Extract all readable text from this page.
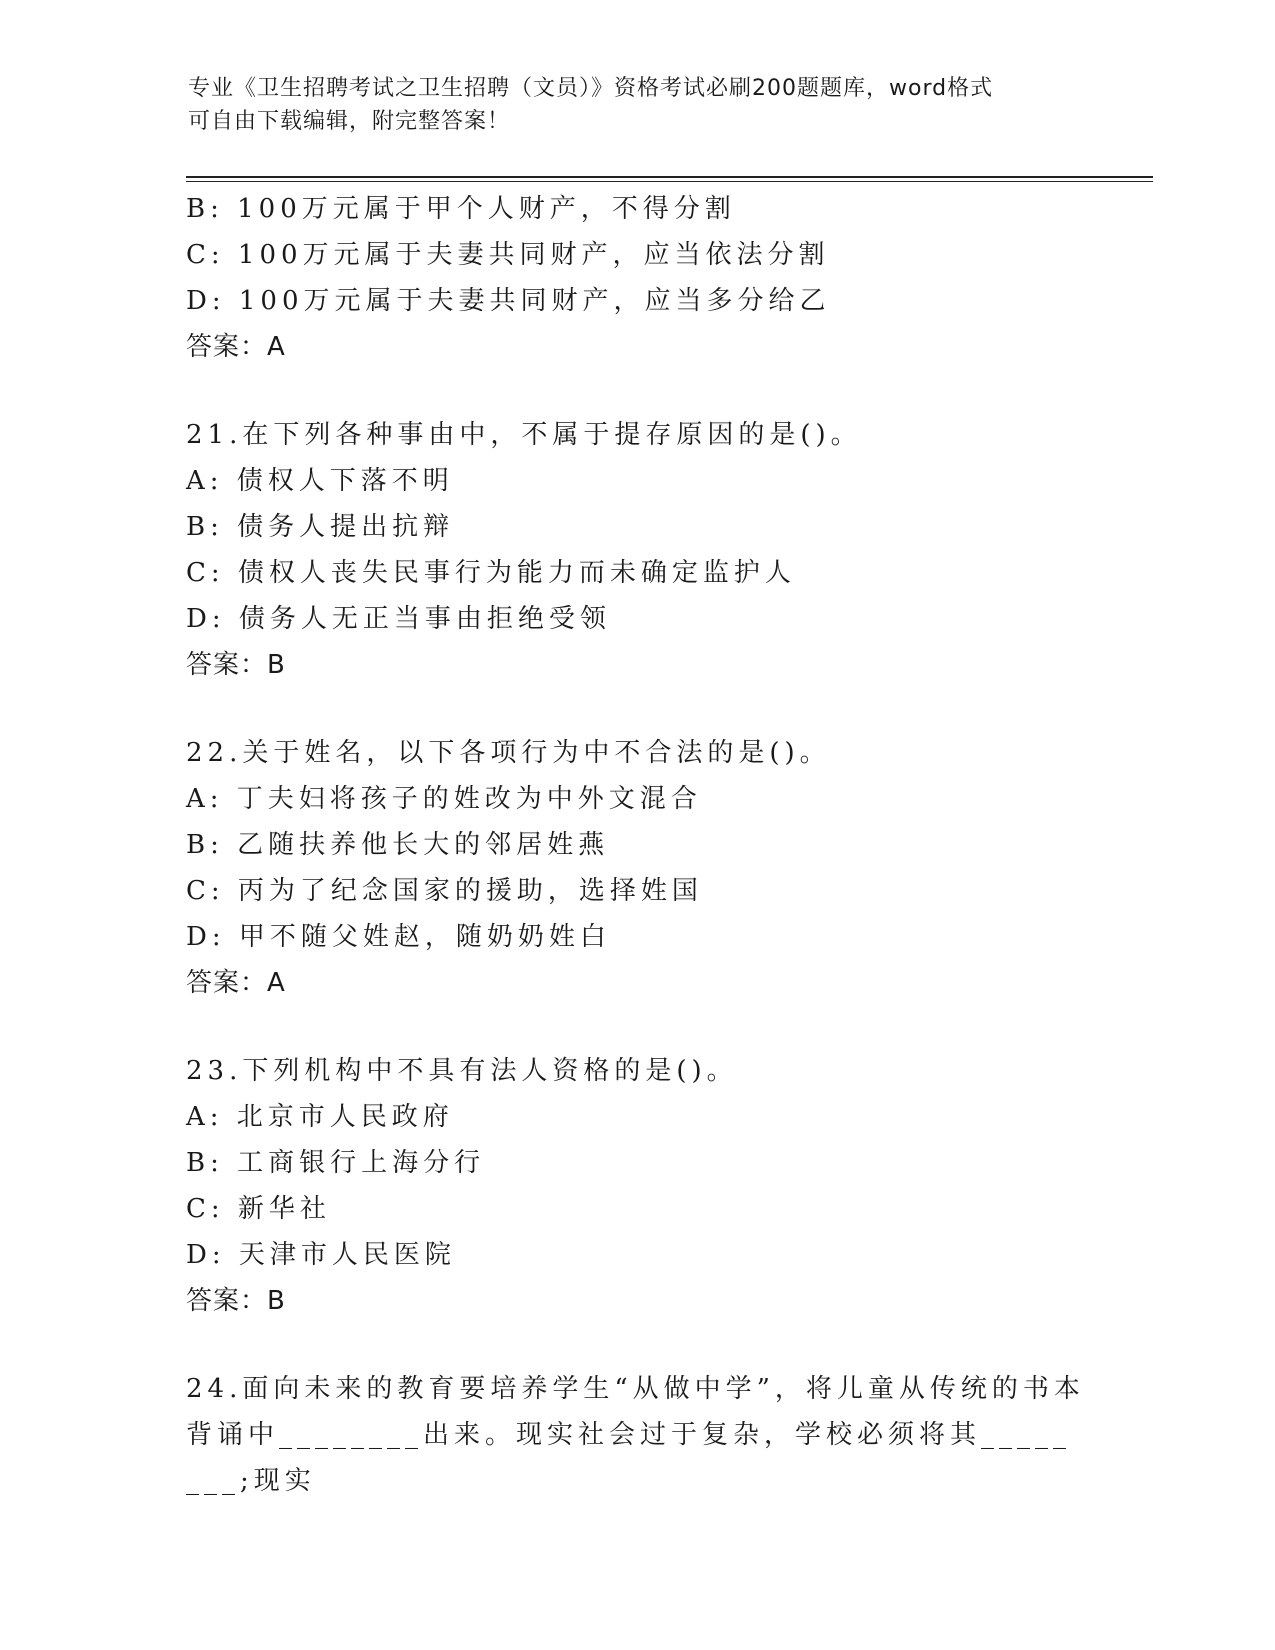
专业《卫生招聘考试之卫生招聘（文员）》资格考试必刷200题题库，word格式
可自由下载编辑，附完整答案！
B: 100万元属于甲个人财产，不得分割
C: 100万元属于夫妻共同财产，应当依法分割
D: 100万元属于夫妻共同财产，应当多分给乙
答案：A
21.在下列各种事由中，不属于提存原因的是()。
A: 债权人下落不明
B: 债务人提出抗辩
C: 债权人丧失民事行为能力而未确定监护人
D: 债务人无正当事由拒绝受领
答案：B
22.关于姓名，以下各项行为中不合法的是()。
A: 丁夫妇将孩子的姓改为中外文混合
B: 乙随扶养他长大的邻居姓燕
C: 丙为了纪念国家的援助，选择姓国
D: 甲不随父姓赵，随奶奶姓白
答案：A
23.下列机构中不具有法人资格的是()。
A: 北京市人民政府
B: 工商银行上海分行
C: 新华社
D: 天津市人民医院
答案：B
24.面向未来的教育要培养学生“从做中学”，将儿童从传统的书本背诵中________出来。现实社会过于复杂，学校必须将其________;现实
